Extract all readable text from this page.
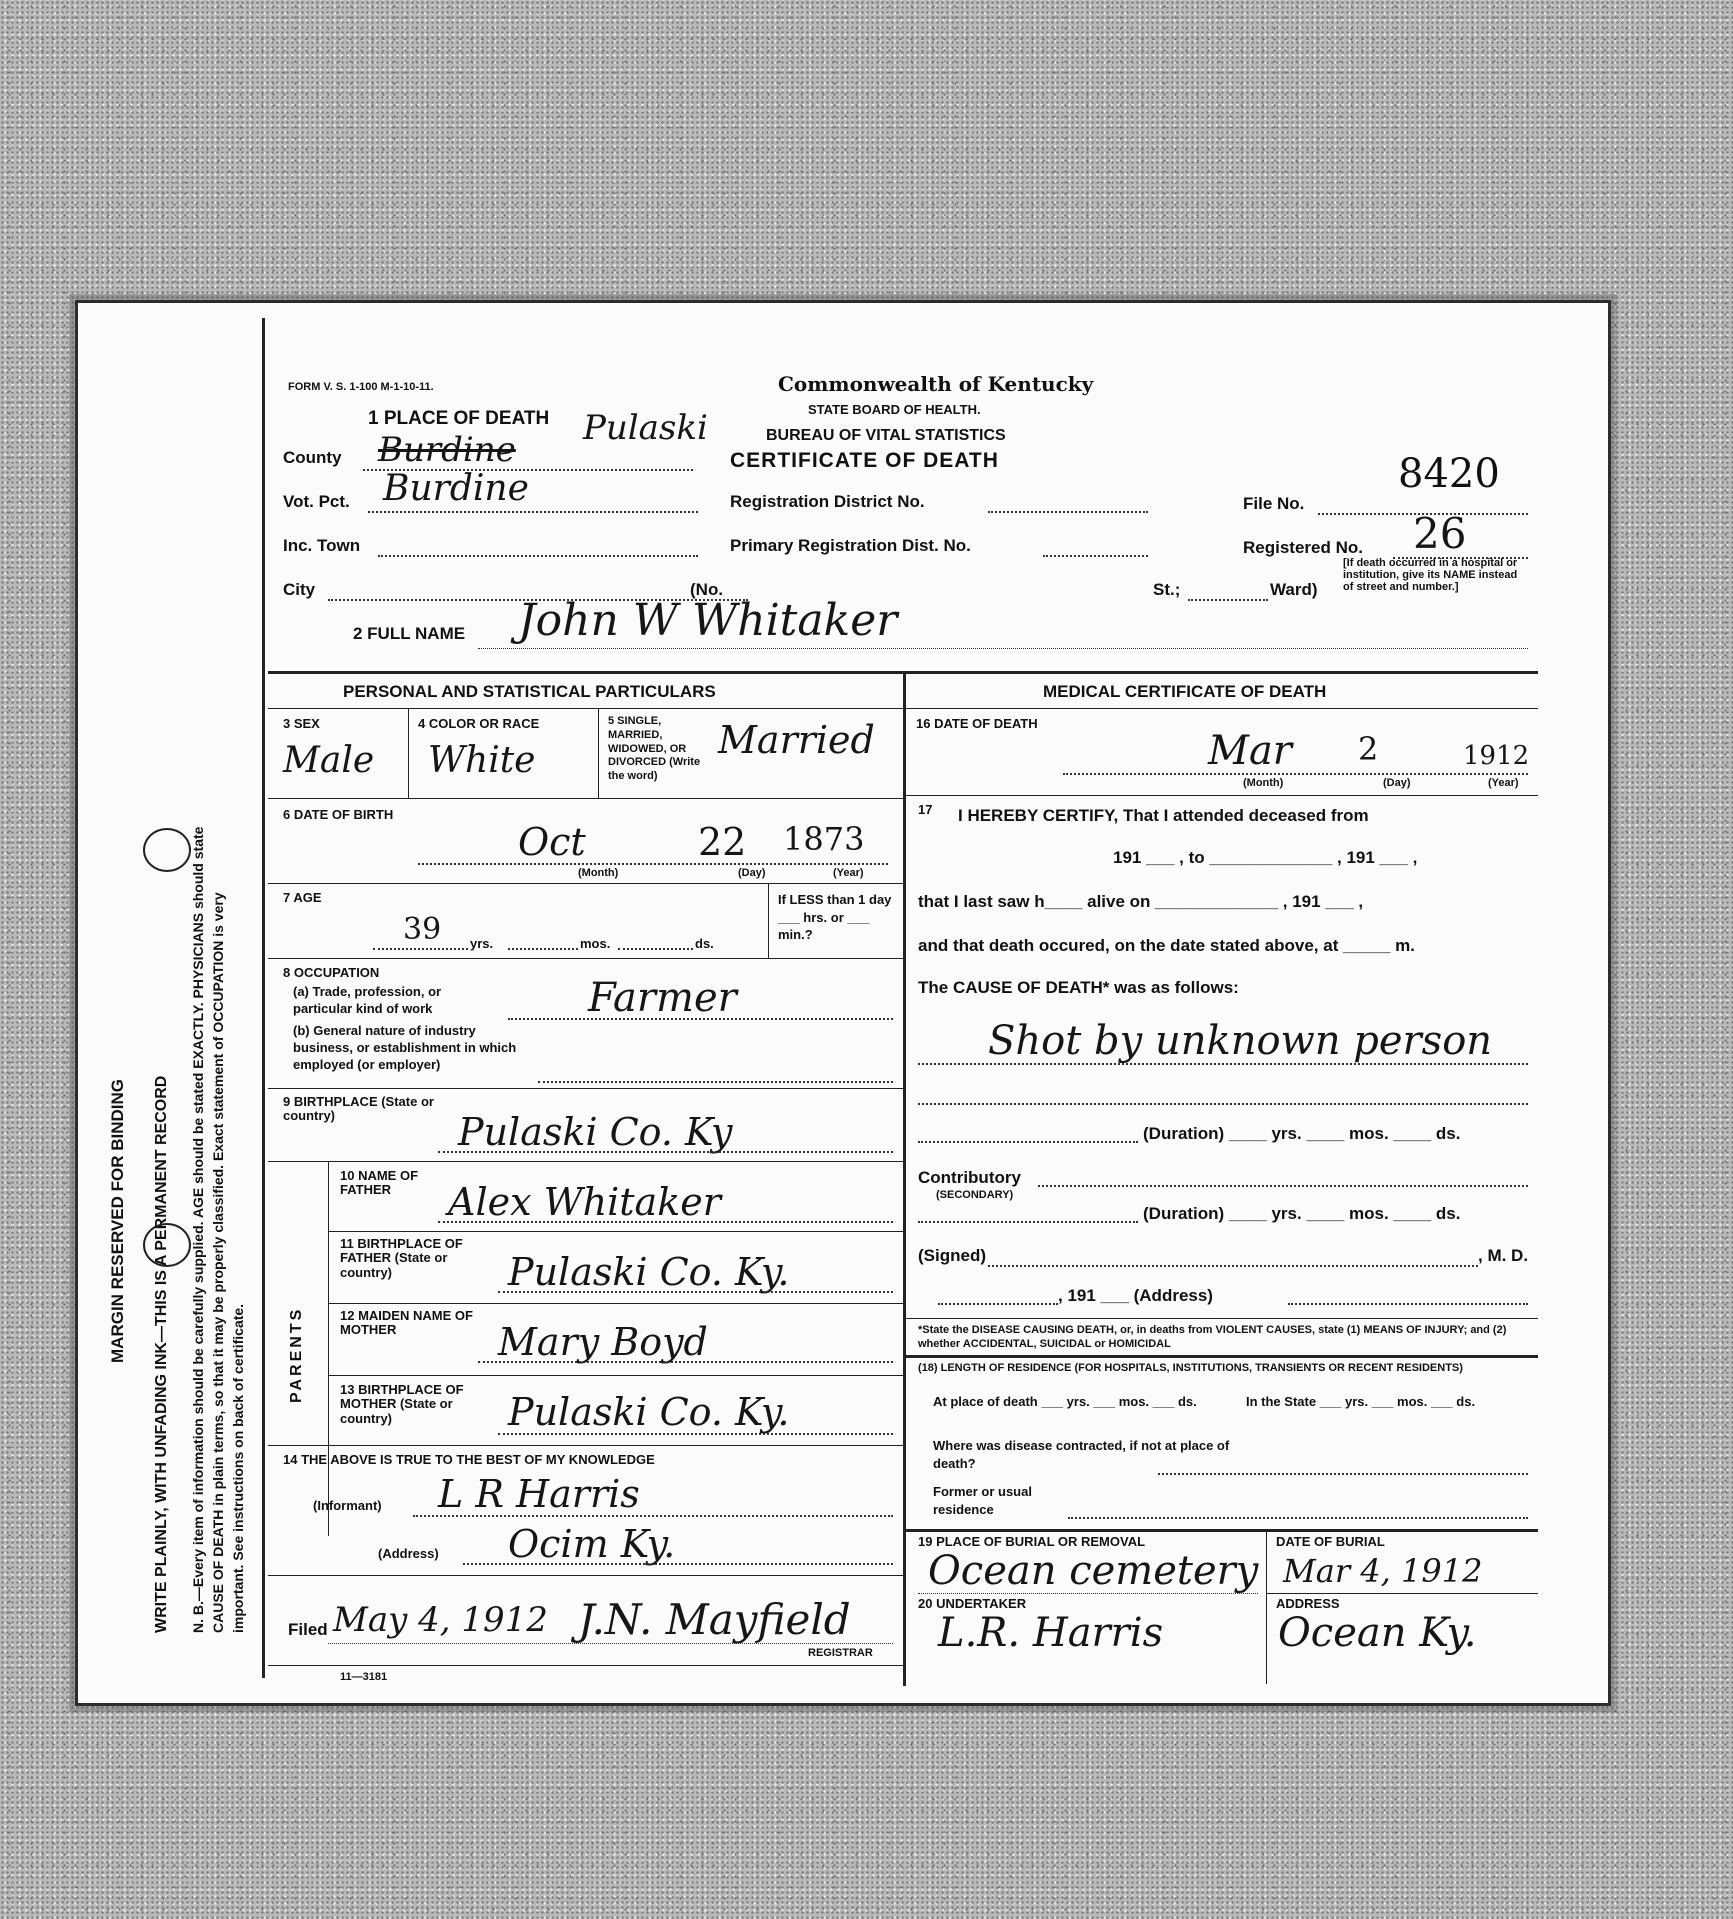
MARGIN RESERVED FOR BINDING WRITE PLAINLY, WITH UNFADING INK—THIS IS A PERMANENT RECORD N. B.—Every item of information should be carefully supplied. AGE should be stated EXACTLY. PHYSICIANS should state CAUSE OF DEATH in plain terms, so that it may be properly classified. Exact statement of OCCUPATION is very important. See instructions on back of certificate.
FORM V. S. 1-100 M-1-10-11.	Commonwealth of Kentucky
STATE BOARD OF HEALTH.
BUREAU OF VITAL STATISTICS
CERTIFICATE OF DEATH
1 PLACE OF DEATH
County Burdine
Pulaski
Vot. Pct. Burdine
Inc. Town
City	(No.	St.;	Ward)
[If death occurred in a hospital or institution, give its NAME instead of street and number.]
Registration District No.
Primary Registration Dist. No.
8420
File No.
Registered No. 26
2 FULL NAME John W Whitaker
PERSONAL AND STATISTICAL PARTICULARS	MEDICAL CERTIFICATE OF DEATH
3 SEX
Male
4 COLOR OR RACE
White
5 SINGLE, MARRIED, WIDOWED, OR DIVORCED (Write the word)
Married
6 DATE OF BIRTH
Oct	22 1873
(Month)	(Day)	(Year)
7 AGE
39 yrs.	mos.	ds.
If LESS than 1 day ___ hrs. or ___ min.?
8 OCCUPATION
(a) Trade, profession, or particular kind of work	Farmer
(b) General nature of industry business, or establishment in which employed (or employer)
9 BIRTHPLACE (State or country)	Pulaski Co. Ky
PARENTS
10 NAME OF FATHER	Alex Whitaker
11 BIRTHPLACE OF FATHER (State or country)	Pulaski Co. Ky.
12 MAIDEN NAME OF MOTHER	Mary Boyd
13 BIRTHPLACE OF MOTHER (State or country)	Pulaski Co. Ky.
14 THE ABOVE IS TRUE TO THE BEST OF MY KNOWLEDGE
(Informant) L R Harris
(Address) Ocim Ky.
Filed May 4, 1912 J.N. Mayfield
REGISTRAR
11—3181
16 DATE OF DEATH
Mar 2	1912
(Month)	(Day)	(Year)
17 I HEREBY CERTIFY, That I attended deceased from
191 ___ , to _____________ , 191 ___ ,
that I last saw h____ alive on _____________ , 191 ___ ,
and that death occured, on the date stated above, at _____ m.
The CAUSE OF DEATH* was as follows:
Shot by unknown person
(Duration) ____ yrs. ____ mos. ____ ds.
Contributory
(SECONDARY)
(Duration) ____ yrs. ____ mos. ____ ds.
(Signed)	, M. D.
, 191 ___ (Address)
*State the DISEASE CAUSING DEATH, or, in deaths from VIOLENT CAUSES, state (1) MEANS OF INJURY; and (2) whether ACCIDENTAL, SUICIDAL or HOMICIDAL
(18) LENGTH OF RESIDENCE (FOR HOSPITALS, INSTITUTIONS, TRANSIENTS OR RECENT RESIDENTS)
At place of death ___ yrs. ___ mos. ___ ds.	In the State ___ yrs. ___ mos. ___ ds.
Where was disease contracted, if not at place of death?
Former or usual residence
19 PLACE OF BURIAL OR REMOVAL
Ocean cemetery
DATE OF BURIAL
Mar 4, 1912
20 UNDERTAKER
L.R. Harris
ADDRESS
Ocean Ky.
